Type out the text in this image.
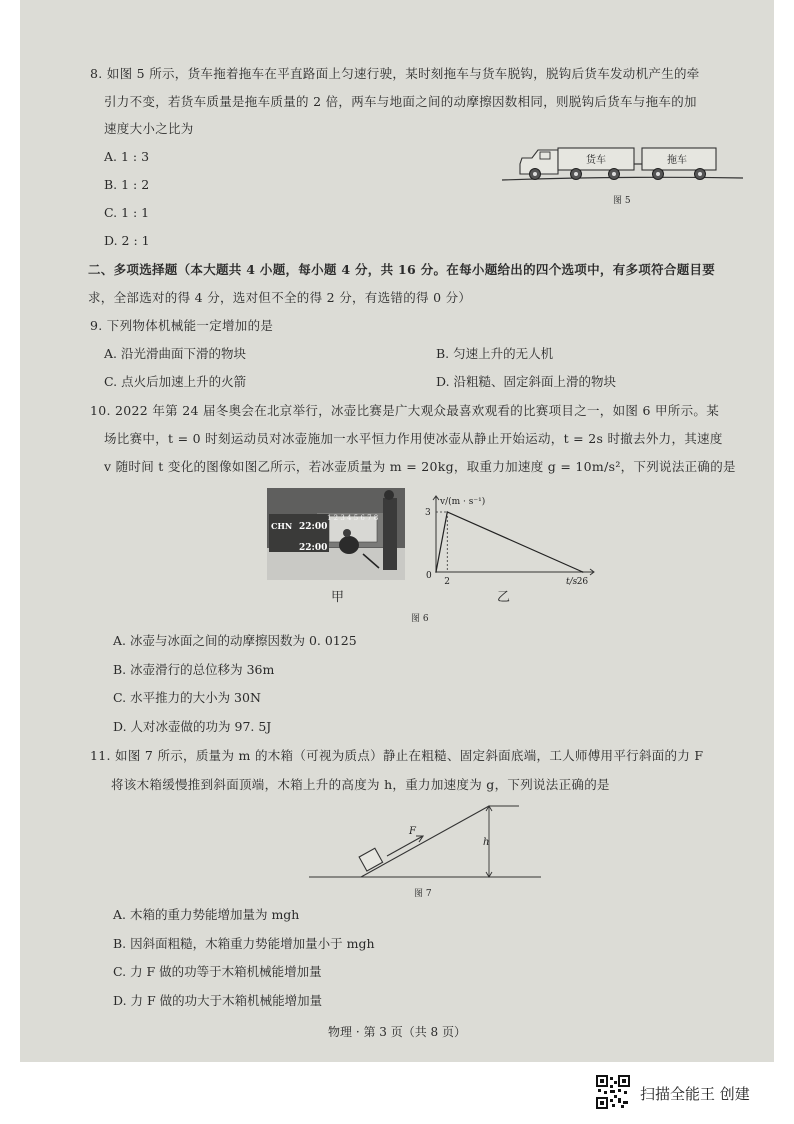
8. 如图 5 所示，货车拖着拖车在平直路面上匀速行驶，某时刻拖车与货车脱钩，脱钩后货车发动机产生的牵
引力不变，若货车质量是拖车质量的 2 倍，两车与地面之间的动摩擦因数相同，则脱钩后货车与拖车的加
速度大小之比为
A. 1 : 3
B. 1 : 2
C. 1 : 1
D. 2 : 1
货车	拖车
图 5
二、多项选择题（本大题共 4 小题，每小题 4 分，共 16 分。在每小题给出的四个选项中，有多项符合题目要
求，全部选对的得 4 分，选对但不全的得 2 分，有选错的得 0 分）
9. 下列物体机械能一定增加的是
A. 沿光滑曲面下滑的物块	B. 匀速上升的无人机
C. 点火后加速上升的火箭	D. 沿粗糙、固定斜面上滑的物块
10. 2022 年第 24 届冬奥会在北京举行，冰壶比赛是广大观众最喜欢观看的比赛项目之一，如图 6 甲所示。某
场比赛中，t = 0 时刻运动员对冰壶施加一水平恒力作用使冰壶从静止开始运动，t = 2s 时撤去外力，其速度
v 随时间 t 变化的图像如图乙所示，若冰壶质量为 m = 20kg，取重力加速度 g = 10m/s²，下列说法正确的是
1 2 3 4 5 6 7 8
CHN 22:00
22:00
甲
v/(m · s⁻¹)
t/s
0
2	26
3
乙
图 6
A. 冰壶与冰面之间的动摩擦因数为 0. 0125
B. 冰壶滑行的总位移为 36m
C. 水平推力的大小为 30N
D. 人对冰壶做的功为 97. 5J
11. 如图 7 所示，质量为 m 的木箱（可视为质点）静止在粗糙、固定斜面底端，工人师傅用平行斜面的力 F
将该木箱缓慢推到斜面顶端，木箱上升的高度为 h，重力加速度为 g，下列说法正确的是
h
F
图 7
A. 木箱的重力势能增加量为 mgh
B. 因斜面粗糙，木箱重力势能增加量小于 mgh
C. 力 F 做的功等于木箱机械能增加量
D. 力 F 做的功大于木箱机械能增加量
物理 · 第 3 页（共 8 页）
扫描全能王 创建
